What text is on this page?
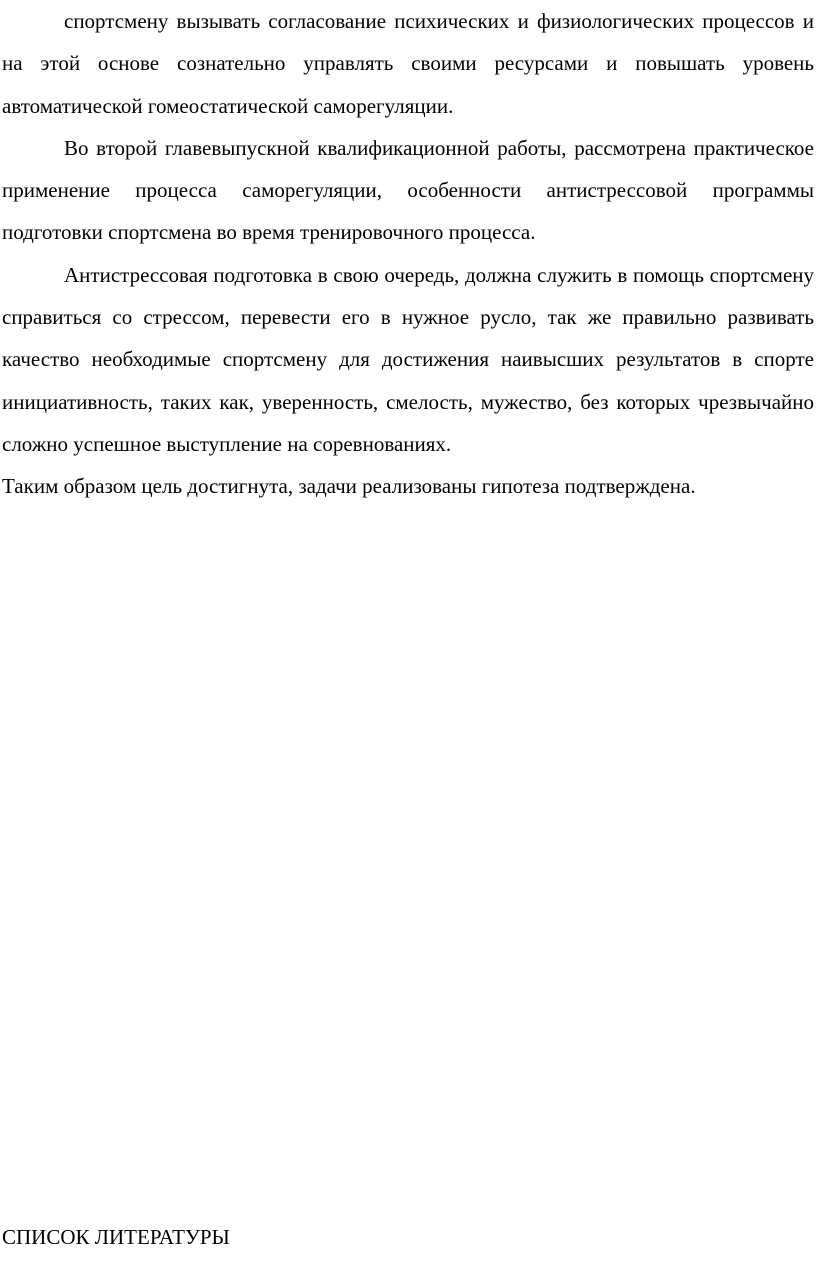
спортсмену вызывать согласование психических и физиологических процессов и на этой основе сознательно управлять своими ресурсами и повышать уровень автоматической гомеостатической саморегуляции.

Во второй главевыпускной квалификационной работы, рассмотрена практическое применение процесса саморегуляции, особенности антистрессовой программы подготовки спортсмена во время тренировочного процесса.

Антистрессовая подготовка в свою очередь, должна служить в помощь спортсмену справиться со стрессом, перевести его в нужное русло, так же правильно развивать качество необходимые спортсмену для достижения наивысших результатов в спорте инициативность, таких как, уверенность, смелость, мужество, без которых чрезвычайно сложно успешное выступление на соревнованиях.

Таким образом цель достигнута, задачи реализованы гипотеза подтверждена.

СПИСОК ЛИТЕРАТУРЫ
